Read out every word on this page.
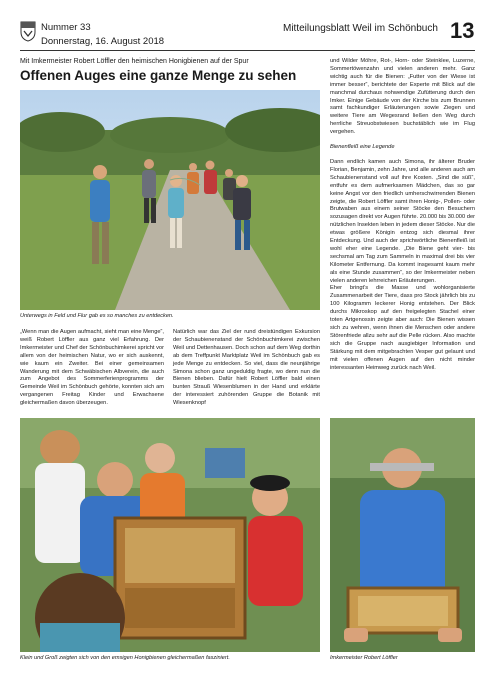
Nummer 33
Donnerstag, 16. August 2018
Mitteilungsblatt Weil im Schönbuch 13
Mit Imkermeister Robert Löffler den heimischen Honigbienen auf der Spur
Offenen Auges eine ganze Menge zu sehen
Unterwegs in Feld und Flur gab es so manches zu entdecken.

„Wenn man die Augen aufmacht, sieht man eine Menge“, weiß Robert Löffler aus ganz viel Erfahrung. Der Imkermeister und Chef der Schönbuchimkerei spricht vor allem von der heimischen Natur, wo er sich auskennt, wie kaum ein Zweiter. Bei einer gemeinsamen Wanderung mit dem Schwäbischen Albverein, die auch zum Angebot des Sommerferienprogramms der Gemeinde Weil im Schönbuch gehörte, konnten sich am vergangenen Freitag Kinder und Erwachsene gleichermaßen davon überzeugen.

Natürlich war das Ziel der rund dreistündigen Exkursion der Schaubienenstand der Schönbuchimkerei zwischen Weil und Dettenhausen. Doch schon auf dem Weg dorthin ab dem Treffpunkt Marktplatz Weil im Schönbuch gab es jede Menge zu entdecken. So viel, dass die neunjährige Simona schon ganz ungeduldig fragte, wo denn nun die Bienen blieben. Dafür hielt Robert Löffler bald einen bunten Strauß Wiesenblumen in der Hand und erklärte der interessiert zuhörenden Gruppe die Botanik mit Wiesenknopf

und Wilder Möhre, Rot-, Horn- oder Steinklee, Luzerne, Sommertöwenzahn und vielen anderen mehr. Ganz wichtig auch für die Bienen: „Futter von der Wiese ist immer besser“, berichtete der Experte mit Blick auf die manchmal durchaus nohwendige Zufütterung durch den Imker. Einige Gebäude von der Kirche bis zum Brunnen samt fachkundiger Erläuterungen sowie Ziegen und weitere Tiere am Wegesrand ließen den Weg durch herrliche Streuobstwiesen buchstäblich wie im Flug vergehen.

Bienenfleiß eine Legende

Dann endlich kamen auch Simona, ihr älterer Bruder Florian, Benjamin, zehn Jahre, und alle anderen auch am Schaubienenstand voll auf ihre Kosten. „Sind die süß“, entfuhr es dem aufmerksamen Mädchen, das so gar keine Angst vor den friedlich umherschwirrenden Bienen zeigte, die Robert Löffler samt ihren Honig-, Pollen- oder Brutwaben aus einem seiner Stöcke den Besuchern sozusagen direkt vor Augen führte. 20.000 bis 30.000 der nützlichen Insekten leben in jedem dieser Stöcke. Nur die etwas größere Königin entzog sich diesmal ihrer Entdeckung. Und auch der sprichwörtliche Bienenfleiß ist wohl eher eine Legende. „Die Biene geht vier- bis sechsmal am Tag zum Sammeln in maximal drei bis vier Kilometer Entfernung. Da kommt insgesamt kaum mehr als eine Stunde zusammen“, so der Imkermeister neben vielen anderen lehrreichen Erläuterungen.

Eher bringt’s die Masse und wohlorganisierte Zusammenarbeit der Tiere, dass pro Stock jährlich bis zu 100 Kilogramm leckerer Honig entstehen. Der Blick durchs Mikroskop auf den freigelegten Stachel einer toten Artgenossin zeigte aber auch: Die Bienen wissen sich zu wehren, wenn ihnen die Menschen oder andere Störenfriede allzu sehr auf die Pelle rücken. Also machte sich die Gruppe nach ausgiebiger Information und Stärkung mit dem mitgebrachten Vesper gut gelaunt und mit vielen offenen Augen auf den nicht minder interessanten Heimweg zurück nach Weil.

Klein und Groß zeigten sich von den emsigen Honigbienen gleichermaßen fasziniert.	Imkermeister Robert Löffler
